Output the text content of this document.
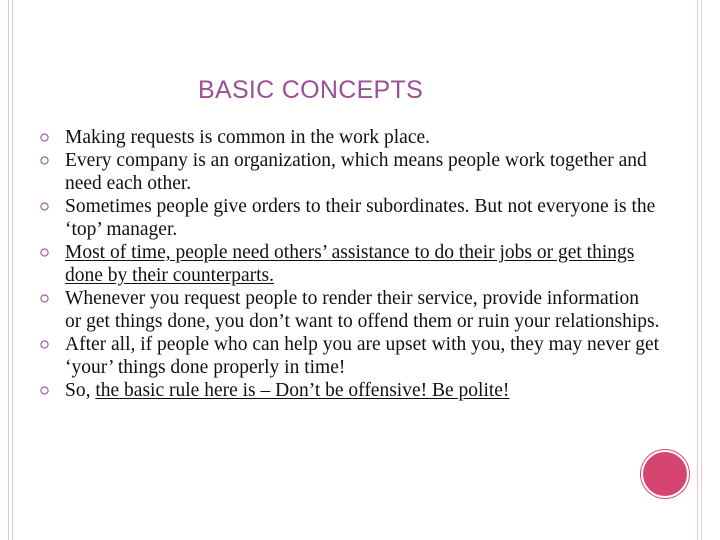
BASIC CONCEPTS
Making requests is common in the work place.
Every company is an organization, which means people work together and need each other.
Sometimes people give orders to their subordinates. But not everyone is the ‘top’ manager.
Most of time, people need others’ assistance to do their jobs or get things done by their counterparts.
Whenever you request people to render their service, provide information or get things done, you don’t want to offend them or ruin your relationships.
After all, if people who can help you are upset with you, they may never get ‘your’ things done properly in time!
So, the basic rule here is – Don’t be offensive! Be polite!
